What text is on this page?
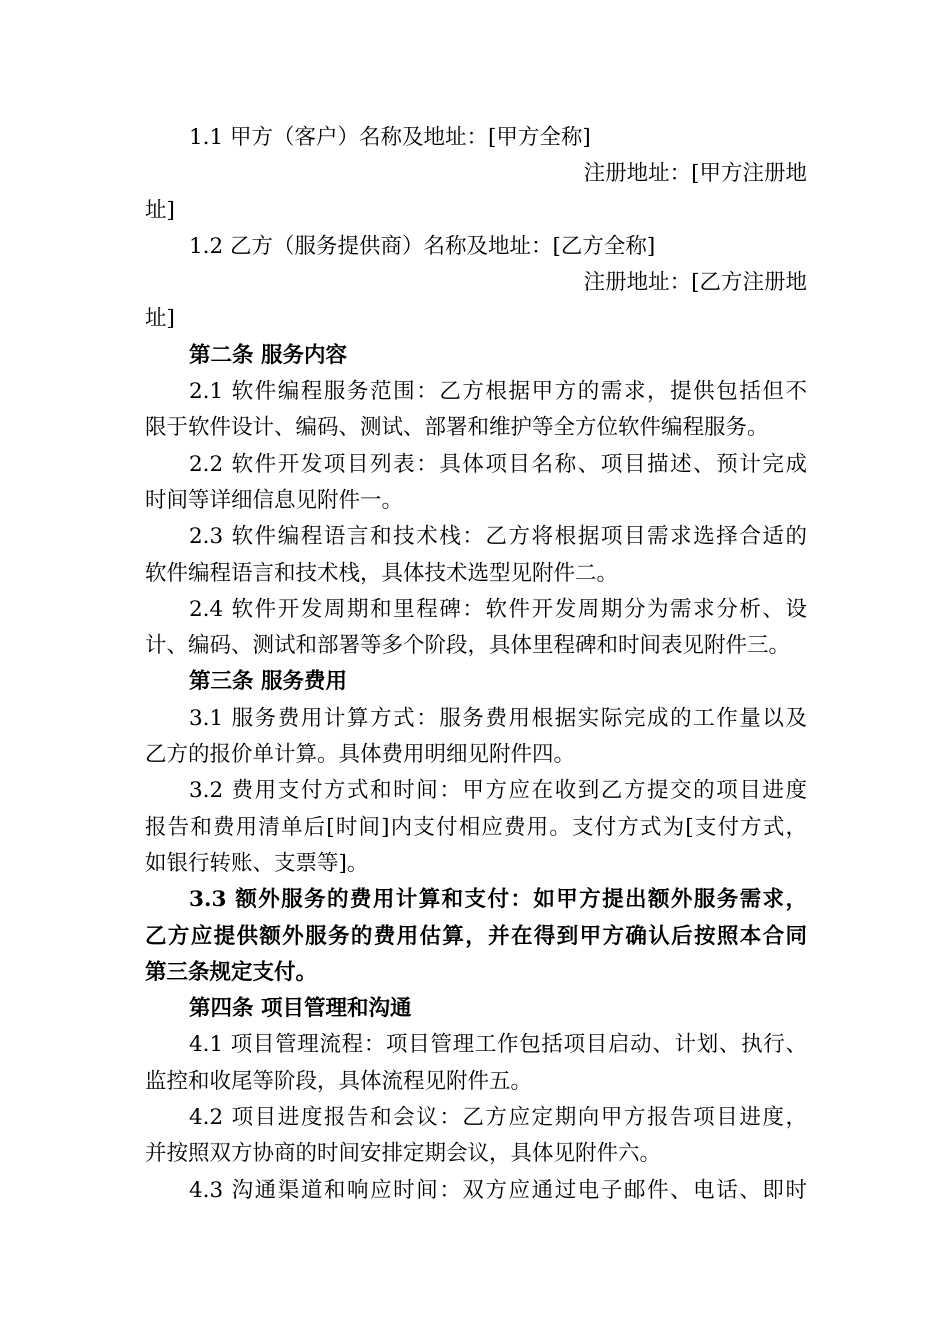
1.1 甲方（客户）名称及地址：[甲方全称]
注册地址：[甲方注册地
址]
1.2 乙方（服务提供商）名称及地址：[乙方全称]
注册地址：[乙方注册地
址]
第二条 服务内容
2.1 软件编程服务范围：乙方根据甲方的需求，提供包括但不
限于软件设计、编码、测试、部署和维护等全方位软件编程服务。
2.2 软件开发项目列表：具体项目名称、项目描述、预计完成
时间等详细信息见附件一。
2.3 软件编程语言和技术栈：乙方将根据项目需求选择合适的
软件编程语言和技术栈，具体技术选型见附件二。
2.4 软件开发周期和里程碑：软件开发周期分为需求分析、设
计、编码、测试和部署等多个阶段，具体里程碑和时间表见附件三。
第三条 服务费用
3.1 服务费用计算方式：服务费用根据实际完成的工作量以及
乙方的报价单计算。具体费用明细见附件四。
3.2 费用支付方式和时间：甲方应在收到乙方提交的项目进度
报告和费用清单后[时间]内支付相应费用。支付方式为[支付方式，
如银行转账、支票等]。
3.3 额外服务的费用计算和支付：如甲方提出额外服务需求，
乙方应提供额外服务的费用估算，并在得到甲方确认后按照本合同
第三条规定支付。
第四条 项目管理和沟通
4.1 项目管理流程：项目管理工作包括项目启动、计划、执行、
监控和收尾等阶段，具体流程见附件五。
4.2 项目进度报告和会议：乙方应定期向甲方报告项目进度，
并按照双方协商的时间安排定期会议，具体见附件六。
4.3 沟通渠道和响应时间：双方应通过电子邮件、电话、即时
